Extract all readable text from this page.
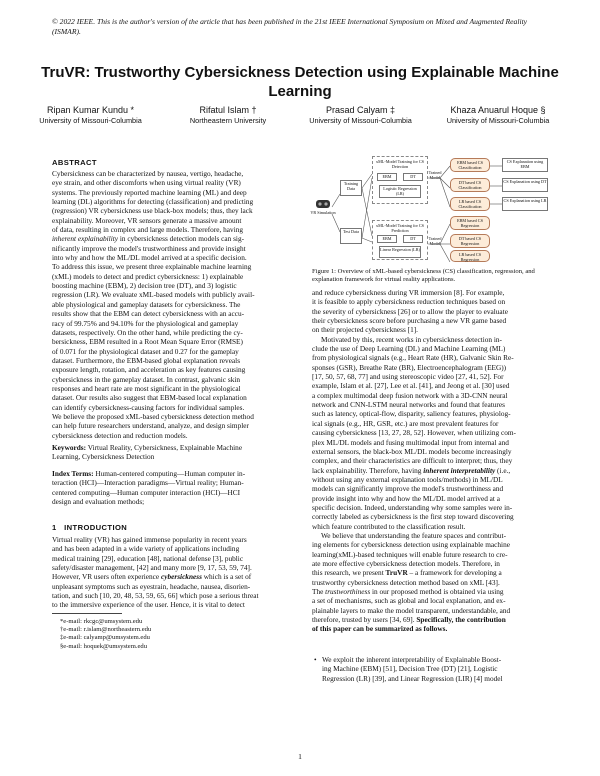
© 2022 IEEE. This is the author's version of the article that has been published in the 21st IEEE International Symposium on Mixed and Augmented Reality (ISMAR).
TruVR: Trustworthy Cybersickness Detection using Explainable Machine
Learning
Ripan Kumar Kundu *
University of Missouri-Columbia
Rifatul Islam †
Northeastern University
Prasad Calyam ‡
University of Missouri-Columbia
Khaza Anuarul Hoque §
University of Missouri-Columbia
ABSTRACT
Cybersickness can be characterized by nausea, vertigo, headache,
eye strain, and other discomforts when using virtual reality (VR)
systems. The previously reported machine learning (ML) and deep
learning (DL) algorithms for detecting (classification) and predicting
(regression) VR cybersickness use black-box models; thus, they lack
explainability. Moreover, VR sensors generate a massive amount
of data, resulting in complex and large models. Therefore, having
inherent explainability in cybersickness detection models can sig-
nificantly improve the model's trustworthiness and provide insight
into why and how the ML/DL model arrived at a specific decision.
To address this issue, we present three explainable machine learning
(xML) models to detect and predict cybersickness: 1) explainable
boosting machine (EBM), 2) decision tree (DT), and 3) logistic
regression (LR). We evaluate xML-based models with publicly avail-
able physiological and gameplay datasets for cybersickness. The
results show that the EBM can detect cybersickness with an accu-
racy of 99.75% and 94.10% for the physiological and gameplay
datasets, respectively. On the other hand, while predicting the cy-
bersickness, EBM resulted in a Root Mean Square Error (RMSE)
of 0.071 for the physiological dataset and 0.27 for the gameplay
dataset. Furthermore, the EBM-based global explanation reveals
exposure length, rotation, and acceleration as key features causing
cybersickness in the gameplay dataset. In contrast, galvanic skin
responses and heart rate are most significant in the physiological
dataset. Our results also suggest that EBM-based local explanation
can identify cybersickness-causing factors for individual samples.
We believe the proposed xML-based cybersickness detection method
can help future researchers understand, analyze, and design simpler
cybersickness detection and reduction models.
Keywords: Virtual Reality, Cybersickness, Explainable Machine
Learning, Cybersickness Detection
Index Terms: Human-centered computing—Human computer in-
teraction (HCI)—Interaction paradigms—Virtual reality; Human-
centered computing—Human computer interaction (HCI)—HCI
design and evaluation methods;
1 INTRODUCTION
Virtual reality (VR) has gained immense popularity in recent years
and has been adapted in a wide variety of applications including
medical training [29], education [48], national defense [3], public
safety/disaster management, [42] and many more [9, 17, 53, 59, 74].
However, VR users often experience cybersickness which is a set of
unpleasant symptoms such as eyestrain, headache, nausea, disorien-
tation, and such [10, 20, 48, 53, 59, 65, 66] which pose a serious threat
to the immersive experience of the user. Hence, it is vital to detect
*e-mail: rkcgc@umsystem.edu
†e-mail: r.islam@northeastern.edu
‡e-mail: calyamp@umsystem.edu
§e-mail: hoquek@umsystem.edu
VR Simulation
Training Data
Test Data
xML-Model Training for CS Detection
EBM	DT
Logistic Regression (LR)
xML-Model Training for CS Prediction
EBM	DT
Linear Regression (LR)
Trained Model
Trained Model
EBM based CS Classification
DT based CS Classification
LR based CS Classification
EBM based CS Regression
DT based CS Regression
LR based CS Regression
CS Explanation using EBM
CS Explanation using DT
CS Explanation using LR
Figure 1: Overview of xML-based cybersickness (CS) classification, regression, and
explanation framework for virtual reality applications.
and reduce cybersickness during VR immersion [8]. For example,
it is feasible to apply cybersickness reduction techniques based on
the severity of cybersickness [26] or to allow the player to evaluate
their cybersickness score before purchasing a new VR game based
on their projected cybersickness [1].
Motivated by this, recent works in cybersickness detection in-
clude the use of Deep Learning (DL) and Machine Learning (ML)
from physiological signals (e.g., Heart Rate (HR), Galvanic Skin Re-
sponses (GSR), Breathe Rate (BR), Electroencephalogram (EEG))
[17, 50, 57, 68, 77] and using stereoscopic video [27, 41, 52]. For
example, Islam et al. [27], Lee et al. [41], and Jeong et al. [30] used
a complex multimodal deep fusion network with a 3D-CNN neural
network and CNN-LSTM neural networks and found that features
such as latency, optical-flow, disparity, saliency features, physiolog-
ical signals (e.g., HR, GSR, etc.) are most prevalent features for
causing cybersickness [13, 27, 28, 52]. However, when utilizing com-
plex ML/DL models and fusing multimodal input from internal and
external sensors, the black-box ML/DL models become increasingly
complex, and their characteristics are difficult to interpret; thus, they
lack explainability. Therefore, having inherent interpretability (i.e.,
without using any external explanation tools/methods) in ML/DL
models can significantly improve the model's trustworthiness and
provide insight into why and how the ML/DL model arrived at a
specific decision. Indeed, understanding why some samples were in-
correctly labeled as cybersickness is the first step toward discovering
which feature contributed to the classification result.
We believe that understanding the feature spaces and contribut-
ing elements for cybersickness detection using explainable machine
learning(xML)-based techniques will enable future research to cre-
ate more effective cybersickness detection models. Therefore, in
this research, we present TruVR – a framework for developing a
trustworthy cybersickness detection method based on xML [43].
The trustworthiness in our proposed method is obtained via using
a set of mechanisms, such as global and local explanation, and ex-
plainable layers to make the model transparent, understandable, and
therefore, trusted by users [34, 69]. Specifically, the contribution
of this paper can be summarized as follows.
• We exploit the inherent interpretability of Explainable Boost-
ing Machine (EBM) [51], Decision Tree (DT) [21], Logistic
Regression (LR) [39], and Linear Regression (LIR) [4] model
1
